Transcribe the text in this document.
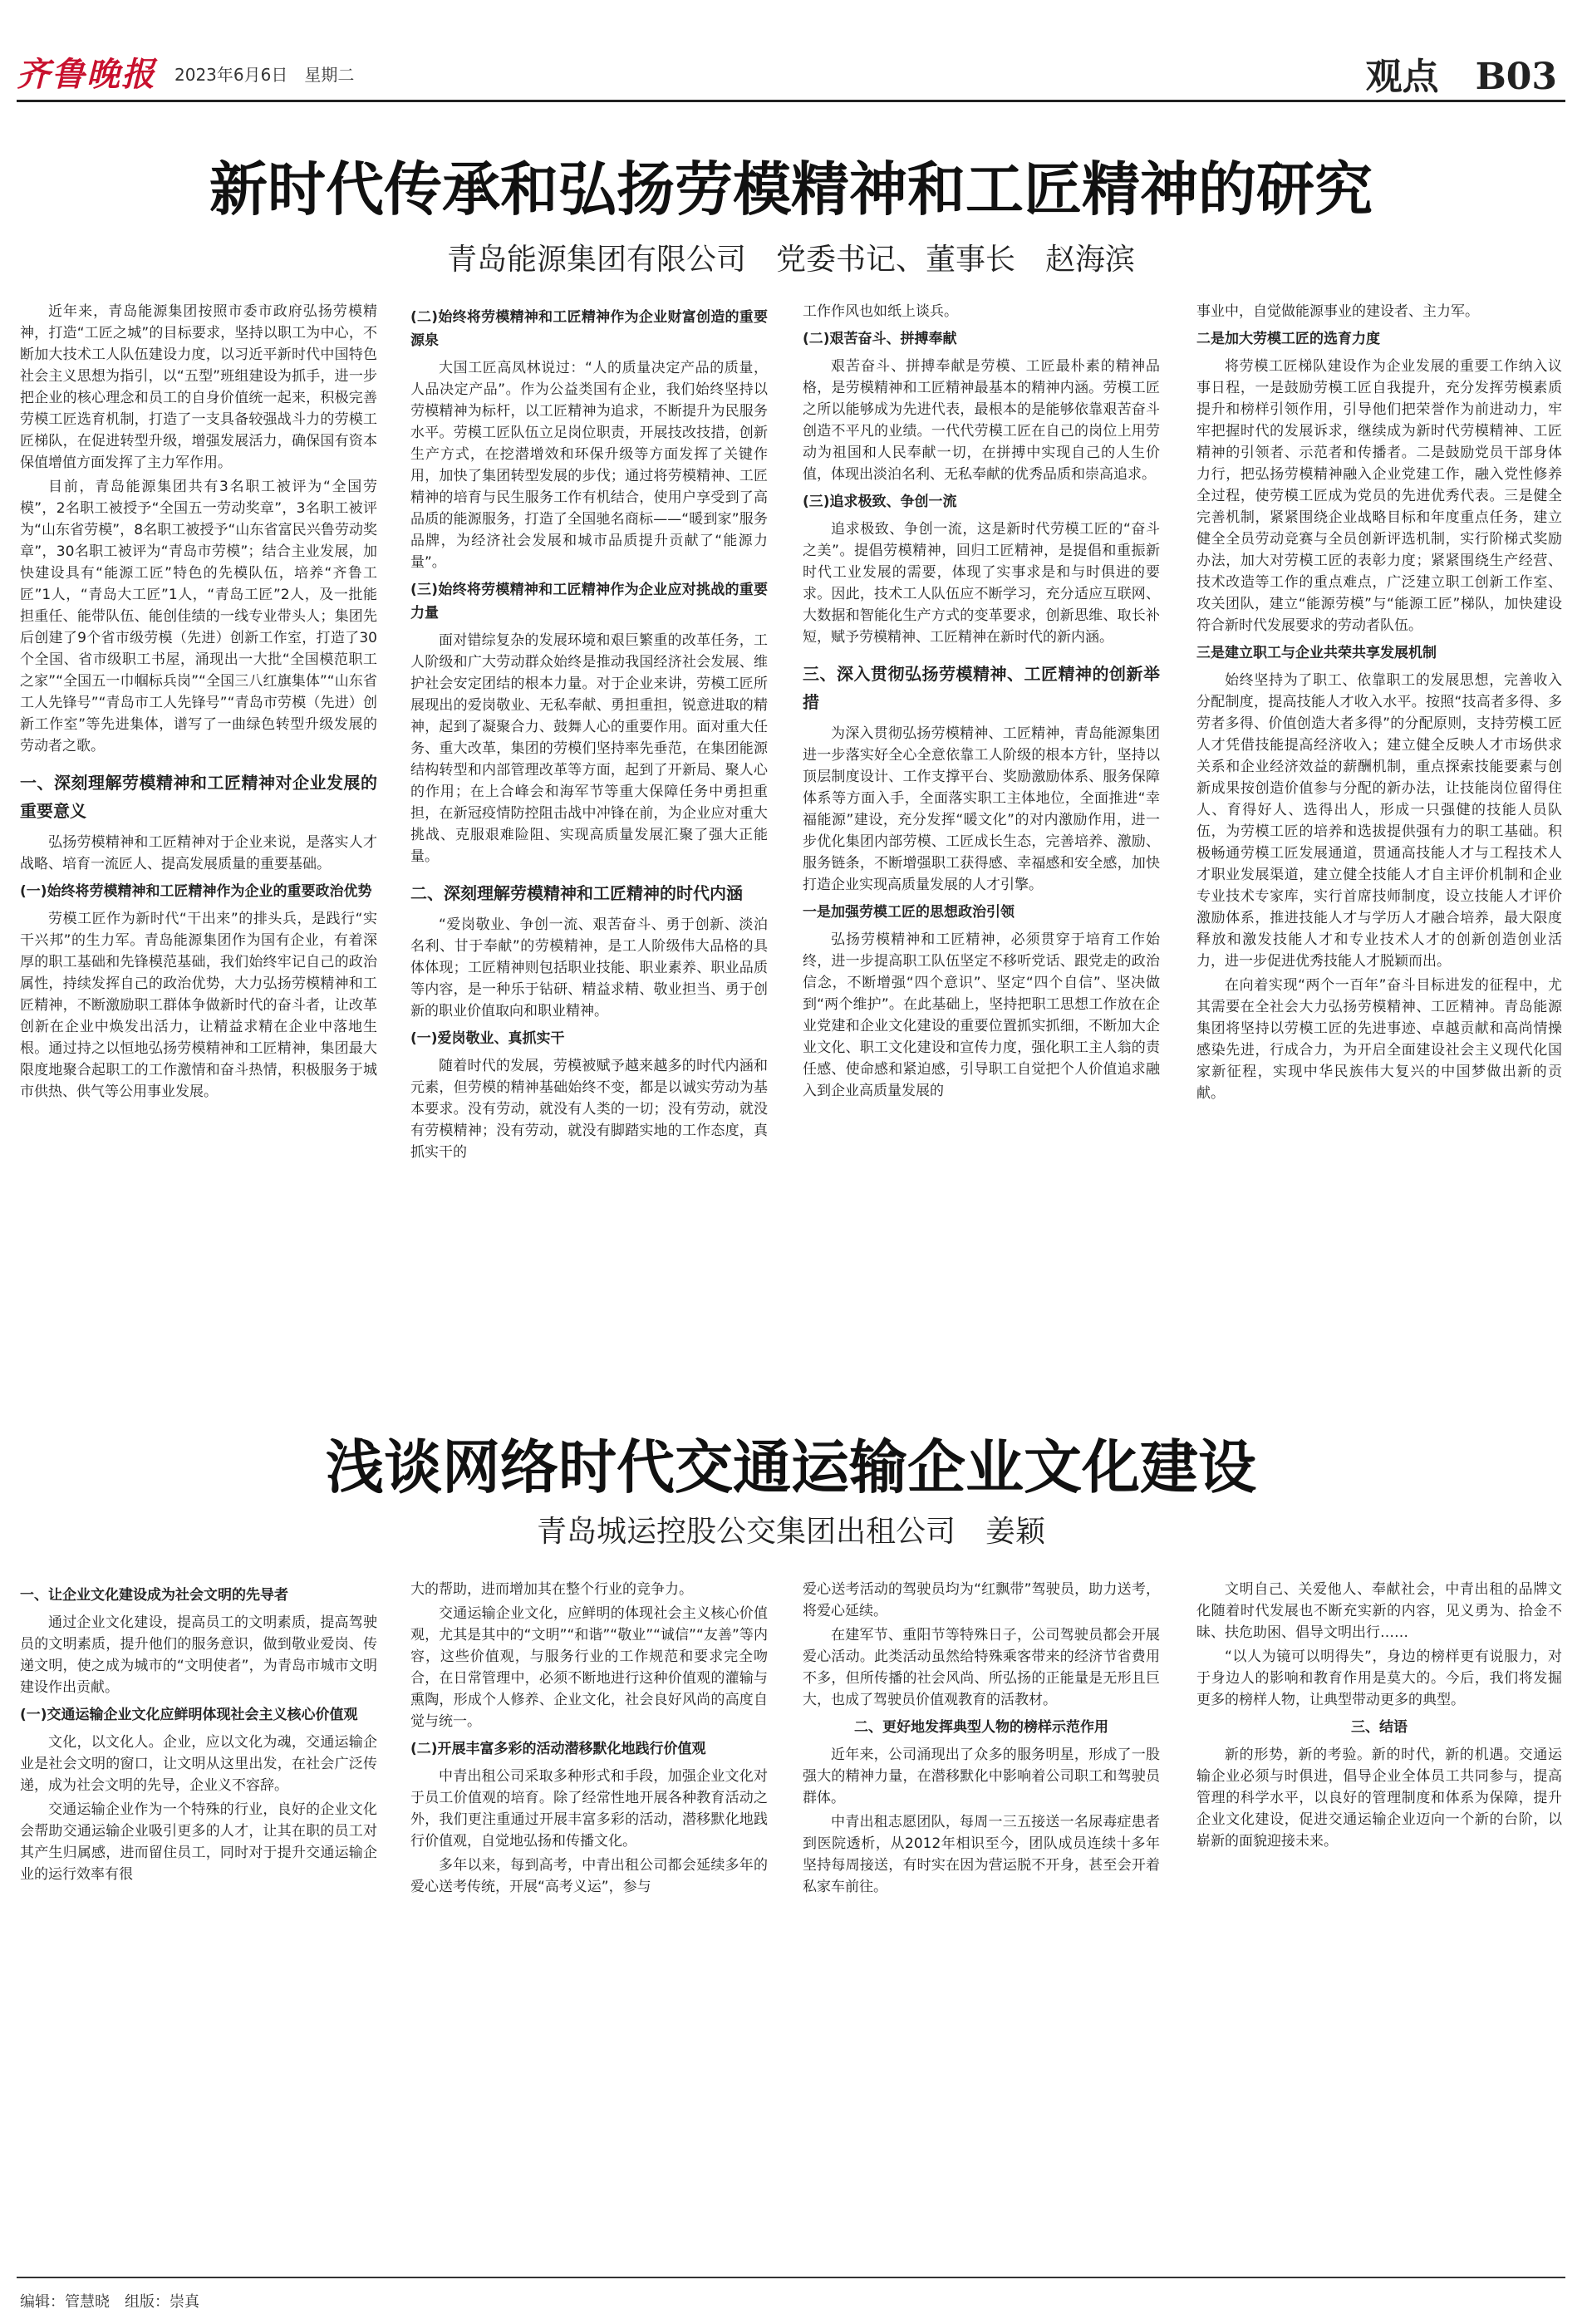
齐鲁晚报 2023年6月6日　星期二	观点　B03
新时代传承和弘扬劳模精神和工匠精神的研究
青岛能源集团有限公司　党委书记、董事长　赵海滨

近年来，青岛能源集团按照市委市政府弘扬劳模精神，打造“工匠之城”的目标要求，坚持以职工为中心，不断加大技术工人队伍建设力度，以习近平新时代中国特色社会主义思想为指引，以“五型”班组建设为抓手，进一步把企业的核心理念和员工的自身价值统一起来，积极完善劳模工匠选育机制，打造了一支具备较强战斗力的劳模工匠梯队，在促进转型升级，增强发展活力，确保国有资本保值增值方面发挥了主力军作用。

目前，青岛能源集团共有3名职工被评为“全国劳模”，2名职工被授予“全国五一劳动奖章”，3名职工被评为“山东省劳模”，8名职工被授予“山东省富民兴鲁劳动奖章”，30名职工被评为“青岛市劳模”；结合主业发展，加快建设具有“能源工匠”特色的先模队伍，培养“齐鲁工匠”1人，“青岛大工匠”1人，“青岛工匠”2人，及一批能担重任、能带队伍、能创佳绩的一线专业带头人；集团先后创建了9个省市级劳模（先进）创新工作室，打造了30个全国、省市级职工书屋，涌现出一大批“全国模范职工之家”“全国五一巾帼标兵岗”“全国三八红旗集体”“山东省工人先锋号”“青岛市工人先锋号”“青岛市劳模（先进）创新工作室”等先进集体，谱写了一曲绿色转型升级发展的劳动者之歌。

一、深刻理解劳模精神和工匠精神对企业发展的重要意义

弘扬劳模精神和工匠精神对于企业来说，是落实人才战略、培育一流匠人、提高发展质量的重要基础。

(一)始终将劳模精神和工匠精神作为企业的重要政治优势

劳模工匠作为新时代“干出来”的排头兵，是践行“实干兴邦”的生力军。青岛能源集团作为国有企业，有着深厚的职工基础和先锋模范基础，我们始终牢记自己的政治属性，持续发挥自己的政治优势，大力弘扬劳模精神和工匠精神，不断激励职工群体争做新时代的奋斗者，让改革创新在企业中焕发出活力，让精益求精在企业中落地生根。通过持之以恒地弘扬劳模精神和工匠精神，集团最大限度地聚合起职工的工作激情和奋斗热情，积极服务于城市供热、供气等公用事业发展。

(二)始终将劳模精神和工匠精神作为企业财富创造的重要源泉

大国工匠高凤林说过：“人的质量决定产品的质量，人品决定产品”。作为公益类国有企业，我们始终坚持以劳模精神为标杆，以工匠精神为追求，不断提升为民服务水平。劳模工匠队伍立足岗位职责，开展技改技措，创新生产方式，在挖潜增效和环保升级等方面发挥了关键作用，加快了集团转型发展的步伐；通过将劳模精神、工匠精神的培育与民生服务工作有机结合，使用户享受到了高品质的能源服务，打造了全国驰名商标——“暖到家”服务品牌，为经济社会发展和城市品质提升贡献了“能源力量”。

(三)始终将劳模精神和工匠精神作为企业应对挑战的重要力量

面对错综复杂的发展环境和艰巨繁重的改革任务，工人阶级和广大劳动群众始终是推动我国经济社会发展、维护社会安定团结的根本力量。对于企业来讲，劳模工匠所展现出的爱岗敬业、无私奉献、勇担重担，锐意进取的精神，起到了凝聚合力、鼓舞人心的重要作用。面对重大任务、重大改革，集团的劳模们坚持率先垂范，在集团能源结构转型和内部管理改革等方面，起到了开新局、聚人心的作用；在上合峰会和海军节等重大保障任务中勇担重担，在新冠疫情防控阻击战中冲锋在前，为企业应对重大挑战、克服艰难险阻、实现高质量发展汇聚了强大正能量。

二、深刻理解劳模精神和工匠精神的时代内涵

“爱岗敬业、争创一流、艰苦奋斗、勇于创新、淡泊名利、甘于奉献”的劳模精神，是工人阶级伟大品格的具体体现；工匠精神则包括职业技能、职业素养、职业品质等内容，是一种乐于钻研、精益求精、敬业担当、勇于创新的职业价值取向和职业精神。

(一)爱岗敬业、真抓实干

随着时代的发展，劳模被赋予越来越多的时代内涵和元素，但劳模的精神基础始终不变，都是以诚实劳动为基本要求。没有劳动，就没有人类的一切；没有劳动，就没有劳模精神；没有劳动，就没有脚踏实地的工作态度，真抓实干的

工作作风也如纸上谈兵。

(二)艰苦奋斗、拼搏奉献

艰苦奋斗、拼搏奉献是劳模、工匠最朴素的精神品格，是劳模精神和工匠精神最基本的精神内涵。劳模工匠之所以能够成为先进代表，最根本的是能够依靠艰苦奋斗创造不平凡的业绩。一代代劳模工匠在自己的岗位上用劳动为祖国和人民奉献一切，在拼搏中实现自己的人生价值，体现出淡泊名利、无私奉献的优秀品质和崇高追求。

(三)追求极致、争创一流

追求极致、争创一流，这是新时代劳模工匠的“奋斗之美”。提倡劳模精神，回归工匠精神，是提倡和重振新时代工业发展的需要，体现了实事求是和与时俱进的要求。因此，技术工人队伍应不断学习，充分适应互联网、大数据和智能化生产方式的变革要求，创新思维、取长补短，赋予劳模精神、工匠精神在新时代的新内涵。

三、深入贯彻弘扬劳模精神、工匠精神的创新举措

为深入贯彻弘扬劳模精神、工匠精神，青岛能源集团进一步落实好全心全意依靠工人阶级的根本方针，坚持以顶层制度设计、工作支撑平台、奖励激励体系、服务保障体系等方面入手，全面落实职工主体地位，全面推进“幸福能源”建设，充分发挥“暖文化”的对内激励作用，进一步优化集团内部劳模、工匠成长生态，完善培养、激励、服务链条，不断增强职工获得感、幸福感和安全感，加快打造企业实现高质量发展的人才引擎。

一是加强劳模工匠的思想政治引领

弘扬劳模精神和工匠精神，必须贯穿于培育工作始终，进一步提高职工队伍坚定不移听党话、跟党走的政治信念，不断增强“四个意识”、坚定“四个自信”、坚决做到“两个维护”。在此基础上，坚持把职工思想工作放在企业党建和企业文化建设的重要位置抓实抓细，不断加大企业文化、职工文化建设和宣传力度，强化职工主人翁的责任感、使命感和紧迫感，引导职工自觉把个人价值追求融入到企业高质量发展的

事业中，自觉做能源事业的建设者、主力军。

二是加大劳模工匠的选育力度

将劳模工匠梯队建设作为企业发展的重要工作纳入议事日程，一是鼓励劳模工匠自我提升，充分发挥劳模素质提升和榜样引领作用，引导他们把荣誉作为前进动力，牢牢把握时代的发展诉求，继续成为新时代劳模精神、工匠精神的引领者、示范者和传播者。二是鼓励党员干部身体力行，把弘扬劳模精神融入企业党建工作，融入党性修养全过程，使劳模工匠成为党员的先进优秀代表。三是健全完善机制，紧紧围绕企业战略目标和年度重点任务，建立健全全员劳动竞赛与全员创新评选机制，实行阶梯式奖励办法，加大对劳模工匠的表彰力度；紧紧围绕生产经营、技术改造等工作的重点难点，广泛建立职工创新工作室、攻关团队，建立“能源劳模”与“能源工匠”梯队，加快建设符合新时代发展要求的劳动者队伍。

三是建立职工与企业共荣共享发展机制

始终坚持为了职工、依靠职工的发展思想，完善收入分配制度，提高技能人才收入水平。按照“技高者多得、多劳者多得、价值创造大者多得”的分配原则，支持劳模工匠人才凭借技能提高经济收入；建立健全反映人才市场供求关系和企业经济效益的薪酬机制，重点探索技能要素与创新成果按创造价值参与分配的新办法，让技能岗位留得住人、育得好人、选得出人，形成一只强健的技能人员队伍，为劳模工匠的培养和选拔提供强有力的职工基础。积极畅通劳模工匠发展通道，贯通高技能人才与工程技术人才职业发展渠道，建立健全技能人才自主评价机制和企业专业技术专家库，实行首席技师制度，设立技能人才评价激励体系，推进技能人才与学历人才融合培养，最大限度释放和激发技能人才和专业技术人才的创新创造创业活力，进一步促进优秀技能人才脱颖而出。

在向着实现“两个一百年”奋斗目标进发的征程中，尤其需要在全社会大力弘扬劳模精神、工匠精神。青岛能源集团将坚持以劳模工匠的先进事迹、卓越贡献和高尚情操感染先进，行成合力，为开启全面建设社会主义现代化国家新征程，实现中华民族伟大复兴的中国梦做出新的贡献。

浅谈网络时代交通运输企业文化建设
青岛城运控股公交集团出租公司　姜颖

一、让企业文化建设成为社会文明的先导者

通过企业文化建设，提高员工的文明素质，提高驾驶员的文明素质，提升他们的服务意识，做到敬业爱岗、传递文明，使之成为城市的“文明使者”，为青岛市城市文明建设作出贡献。

(一)交通运输企业文化应鲜明体现社会主义核心价值观

文化，以文化人。企业，应以文化为魂，交通运输企业是社会文明的窗口，让文明从这里出发，在社会广泛传递，成为社会文明的先导，企业义不容辞。

交通运输企业作为一个特殊的行业，良好的企业文化会帮助交通运输企业吸引更多的人才，让其在职的员工对其产生归属感，进而留住员工，同时对于提升交通运输企业的运行效率有很

大的帮助，进而增加其在整个行业的竞争力。

交通运输企业文化，应鲜明的体现社会主义核心价值观，尤其是其中的“文明”“和谐”“敬业”“诚信”“友善”等内容，这些价值观，与服务行业的工作规范和要求完全吻合，在日常管理中，必须不断地进行这种价值观的灌输与熏陶，形成个人修养、企业文化，社会良好风尚的高度自觉与统一。

(二)开展丰富多彩的活动潜移默化地践行价值观

中青出租公司采取多种形式和手段，加强企业文化对于员工价值观的培育。除了经常性地开展各种教育活动之外，我们更注重通过开展丰富多彩的活动，潜移默化地践行价值观，自觉地弘扬和传播文化。

多年以来，每到高考，中青出租公司都会延续多年的爱心送考传统，开展“高考义运”，参与

爱心送考活动的驾驶员均为“红飘带”驾驶员，助力送考，将爱心延续。

在建军节、重阳节等特殊日子，公司驾驶员都会开展爱心活动。此类活动虽然给特殊乘客带来的经济节省费用不多，但所传播的社会风尚、所弘扬的正能量是无形且巨大，也成了驾驶员价值观教育的活教材。

二、更好地发挥典型人物的榜样示范作用

近年来，公司涌现出了众多的服务明星，形成了一股强大的精神力量，在潜移默化中影响着公司职工和驾驶员群体。

中青出租志愿团队，每周一三五接送一名尿毒症患者到医院透析，从2012年相识至今，团队成员连续十多年坚持每周接送，有时实在因为营运脱不开身，甚至会开着私家车前往。

文明自己、关爱他人、奉献社会，中青出租的品牌文化随着时代发展也不断充实新的内容，见义勇为、拾金不昧、扶危助困、倡导文明出行……

“以人为镜可以明得失”，身边的榜样更有说服力，对于身边人的影响和教育作用是莫大的。今后，我们将发掘更多的榜样人物，让典型带动更多的典型。

三、结语

新的形势，新的考验。新的时代，新的机遇。交通运输企业必须与时俱进，倡导企业全体员工共同参与，提高管理的科学水平，以良好的管理制度和体系为保障，提升企业文化建设，促进交通运输企业迈向一个新的台阶，以崭新的面貌迎接未来。

编辑：管慧晓　组版：崇真
